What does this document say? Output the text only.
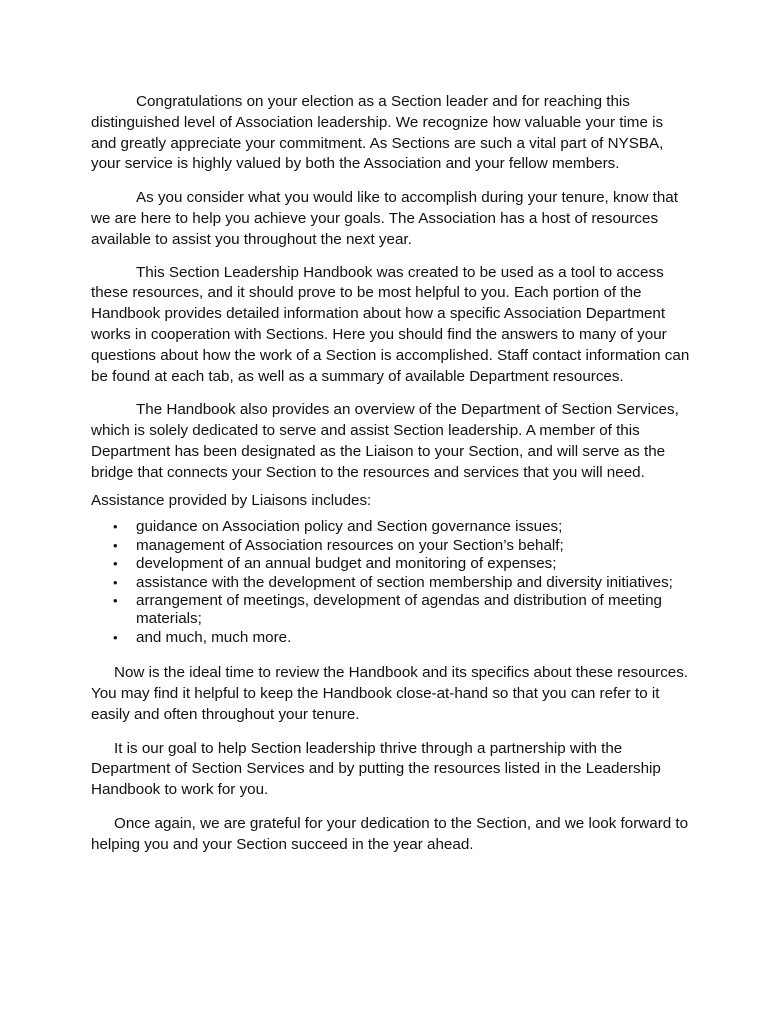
Congratulations on your election as a Section leader and for reaching this distinguished level of Association leadership. We recognize how valuable your time is and greatly appreciate your commitment. As Sections are such a vital part of NYSBA, your service is highly valued by both the Association and your fellow members.

As you consider what you would like to accomplish during your tenure, know that we are here to help you achieve your goals. The Association has a host of resources available to assist you throughout the next year.

This Section Leadership Handbook was created to be used as a tool to access these resources, and it should prove to be most helpful to you. Each portion of the Handbook provides detailed information about how a specific Association Department works in cooperation with Sections. Here you should find the answers to many of your questions about how the work of a Section is accomplished. Staff contact information can be found at each tab, as well as a summary of available Department resources.

The Handbook also provides an overview of the Department of Section Services, which is solely dedicated to serve and assist Section leadership. A member of this Department has been designated as the Liaison to your Section, and will serve as the bridge that connects your Section to the resources and services that you will need.

Assistance provided by Liaisons includes:

• guidance on Association policy and Section governance issues;
• management of Association resources on your Section’s behalf;
• development of an annual budget and monitoring of expenses;
• assistance with the development of section membership and diversity initiatives;
• arrangement of meetings, development of agendas and distribution of meeting materials;
• and much, much more.

Now is the ideal time to review the Handbook and its specifics about these resources. You may find it helpful to keep the Handbook close-at-hand so that you can refer to it easily and often throughout your tenure.

It is our goal to help Section leadership thrive through a partnership with the Department of Section Services and by putting the resources listed in the Leadership Handbook to work for you.

Once again, we are grateful for your dedication to the Section, and we look forward to helping you and your Section succeed in the year ahead.
